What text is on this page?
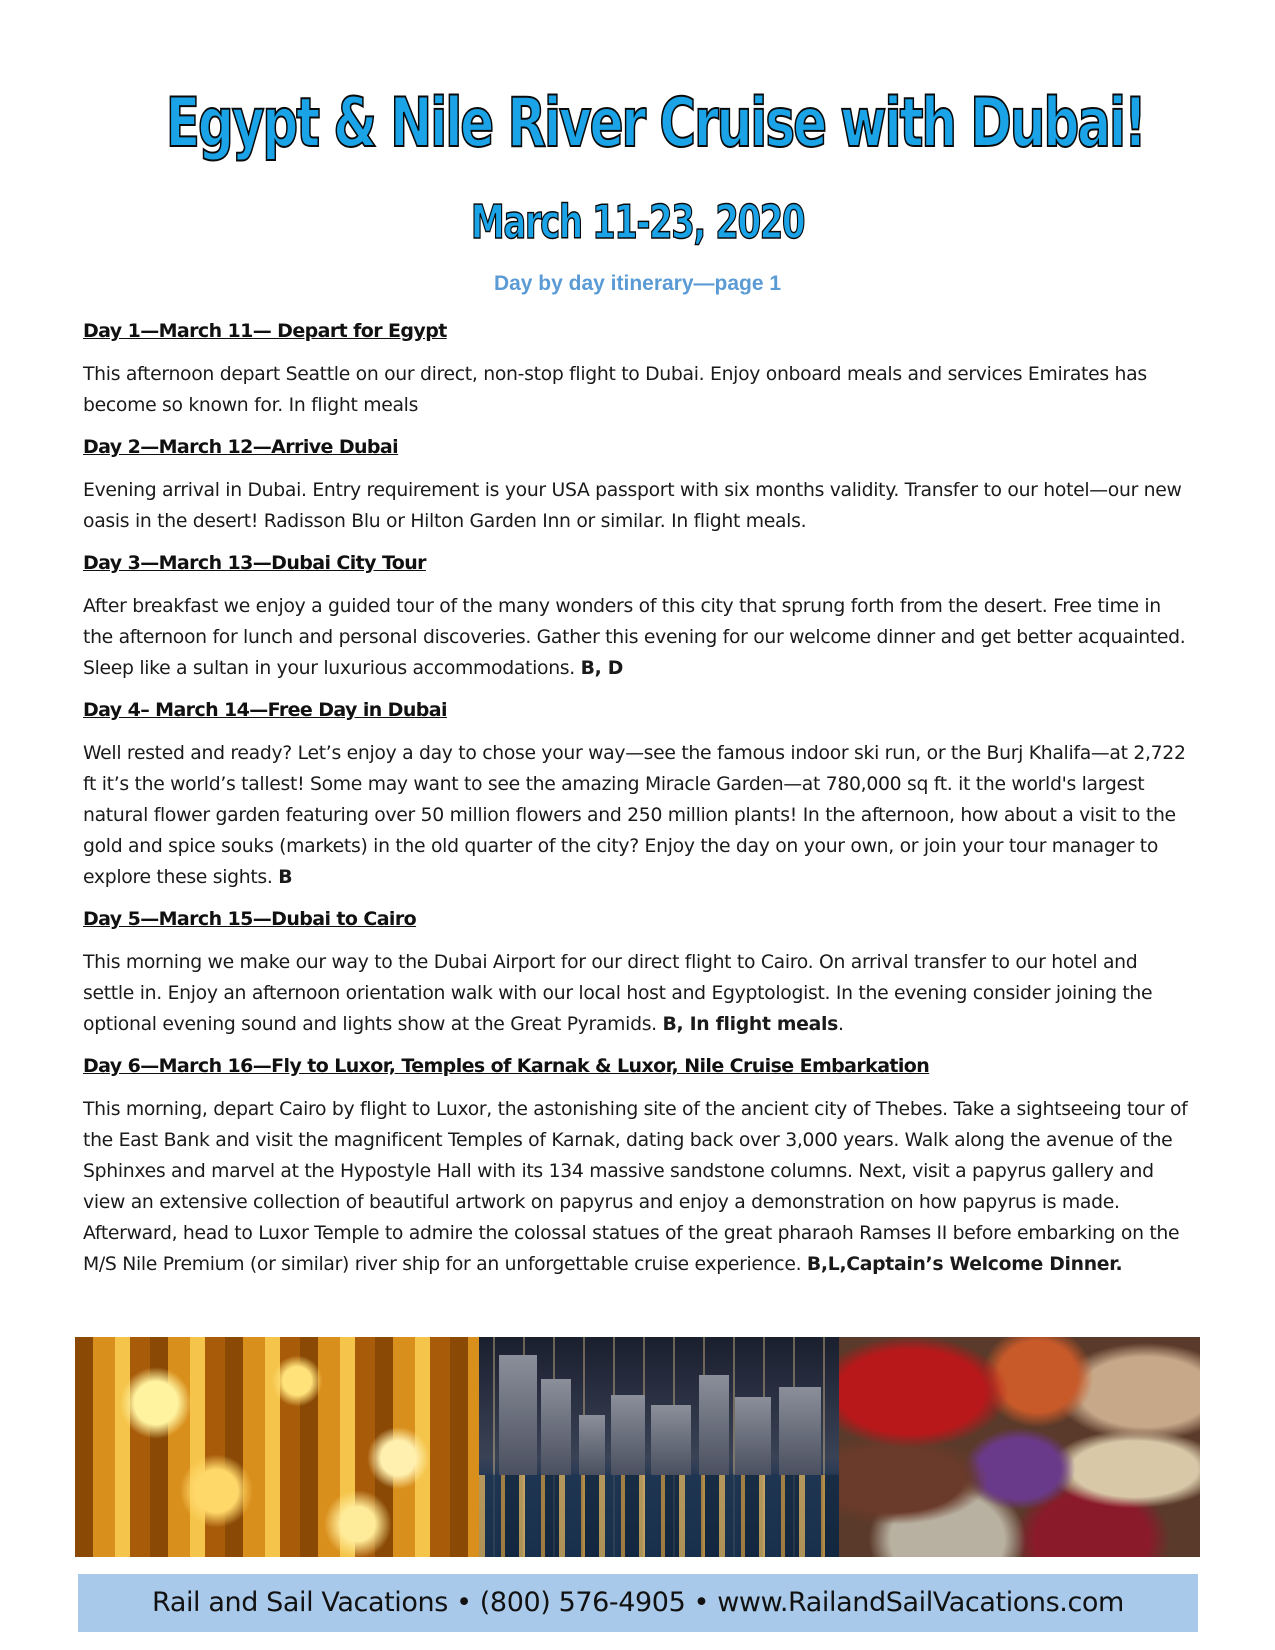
Egypt & Nile River Cruise with Dubai!
March 11-23, 2020
Day by day itinerary—page 1
Day 1—March 11— Depart for Egypt
This afternoon depart Seattle on our direct, non-stop flight to Dubai. Enjoy onboard meals and services Emirates has become so known for. In flight meals
Day 2—March 12—Arrive Dubai
Evening arrival in Dubai. Entry requirement is your USA passport with six months validity. Transfer to our hotel—our new oasis in the desert! Radisson Blu or Hilton Garden Inn or similar. In flight meals.
Day 3—March 13—Dubai City Tour
After breakfast we enjoy a guided tour of the many wonders of this city that sprung forth from the desert. Free time in the afternoon for lunch and personal discoveries. Gather this evening for our welcome dinner and get better acquainted. Sleep like a sultan in your luxurious accommodations. B, D
Day 4– March 14—Free Day in Dubai
Well rested and ready? Let’s enjoy a day to chose your way—see the famous indoor ski run, or the Burj Khalifa—at 2,722 ft it’s the world’s tallest! Some may want to see the amazing Miracle Garden—at 780,000 sq ft. it the world's largest natural flower garden featuring over 50 million flowers and 250 million plants! In the afternoon, how about a visit to the gold and spice souks (markets) in the old quarter of the city? Enjoy the day on your own, or join your tour manager to explore these sights. B
Day 5—March 15—Dubai to Cairo
This morning we make our way to the Dubai Airport for our direct flight to Cairo. On arrival transfer to our hotel and settle in. Enjoy an afternoon orientation walk with our local host and Egyptologist. In the evening consider joining the optional evening sound and lights show at the Great Pyramids. B, In flight meals.
Day 6—March 16—Fly to Luxor, Temples of Karnak & Luxor, Nile Cruise Embarkation
This morning, depart Cairo by flight to Luxor, the astonishing site of the ancient city of Thebes. Take a sightseeing tour of the East Bank and visit the magnificent Temples of Karnak, dating back over 3,000 years. Walk along the avenue of the Sphinxes and marvel at the Hypostyle Hall with its 134 massive sandstone columns. Next, visit a papyrus gallery and view an extensive collection of beautiful artwork on papyrus and enjoy a demonstration on how papyrus is made. Afterward, head to Luxor Temple to admire the colossal statues of the great pharaoh Ramses II before embarking on the M/S Nile Premium (or similar) river ship for an unforgettable cruise experience. B,L,Captain’s Welcome Dinner.
Rail and Sail Vacations • (800) 576-4905 • www.RailandSailVacations.com
